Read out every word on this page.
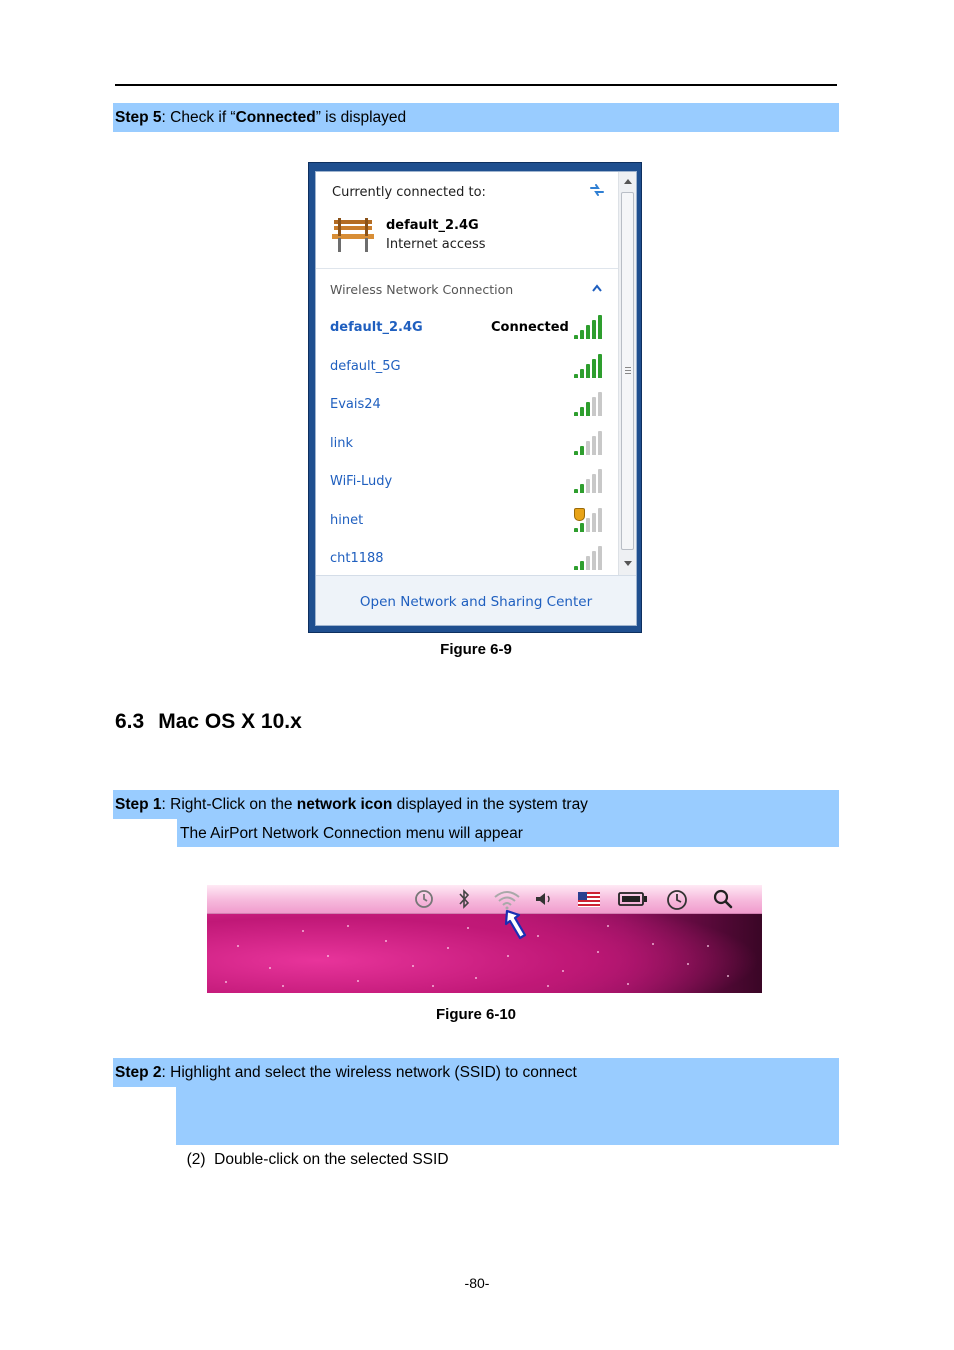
Step 5: Check if “Connected” is displayed
Currently connected to:
default_2.4G
Internet access
Wireless Network Connection
default_2.4G	Connected
default_5G
Evais24
link
WiFi-Ludy
hinet
cht1188
Open Network and Sharing Center
Figure 6-9
6.3 Mac OS X 10.x
Step 1: Right-Click on the network icon displayed in the system tray
The AirPort Network Connection menu will appear
Figure 6-10
Step 2: Highlight and select the wireless network (SSID) to connect

(2)  Double-click on the selected SSID

-80-
